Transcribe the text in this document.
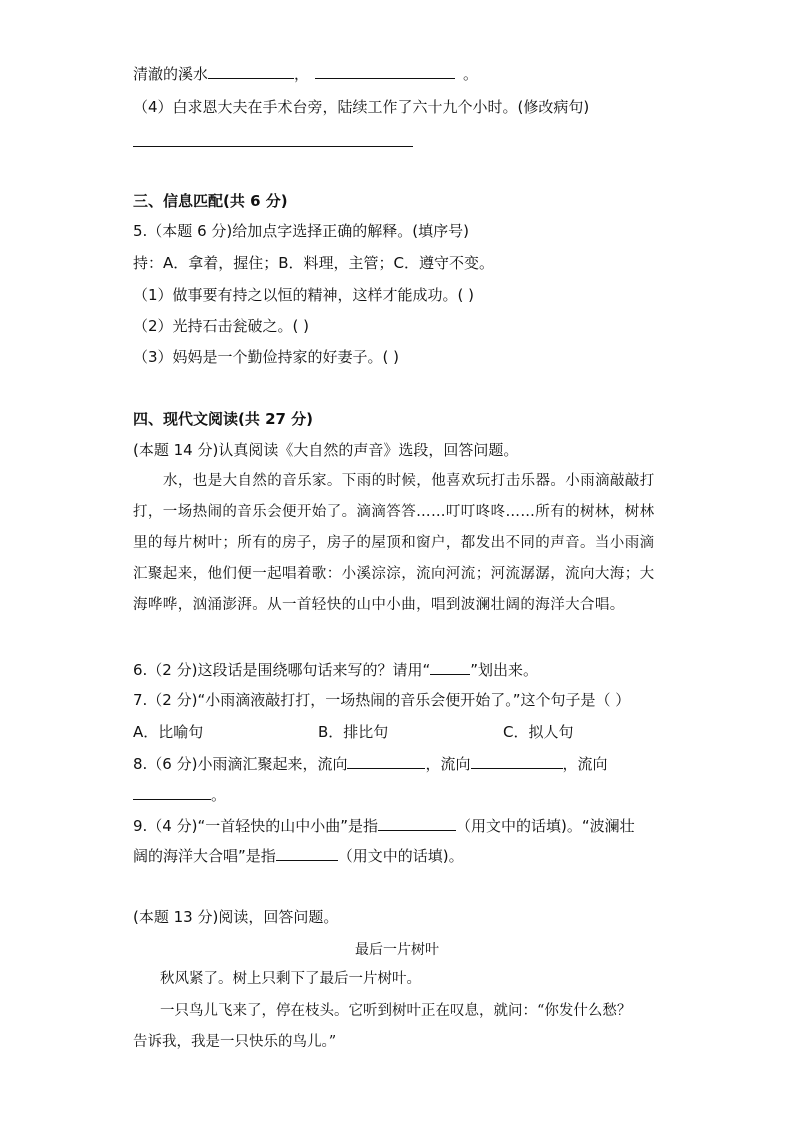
清澈的溪水	，	。
（4）白求恩大夫在手术台旁，陆续工作了六十九个小时。(修改病句)
三、信息匹配(共 6 分)
5.（本题 6 分)给加点字选择正确的解释。(填序号)
持：A．拿着，握住；B．料理，主管；C．遵守不变。
（1）做事要有持之以恒的精神，这样才能成功。( )
（2）光持石击瓮破之。( )
（3）妈妈是一个勤俭持家的好妻子。( )
四、现代文阅读(共 27 分)
(本题 14 分)认真阅读《大自然的声音》选段，回答问题。

水，也是大自然的音乐家。下雨的时候，他喜欢玩打击乐器。小雨滴敲敲打打，一场热闹的音乐会便开始了。滴滴答答……叮叮咚咚……所有的树林，树林里的每片树叶；所有的房子，房子的屋顶和窗户，都发出不同的声音。当小雨滴汇聚起来，他们便一起唱着歌：小溪淙淙，流向河流；河流潺潺，流向大海；大海哗哗，汹涌澎湃。从一首轻快的山中小曲，唱到波澜壮阔的海洋大合唱。

6.（2 分)这段话是围绕哪句话来写的？请用“	”划出来。
7.（2 分)“小雨滴液敲打打，一场热闹的音乐会便开始了。”这个句子是（ ）
A．比喻句	B．排比句	C．拟人句
8.（6 分)小雨滴汇聚起来，流向	，流向	，流向
。
9.（4 分)“一首轻快的山中小曲”是指	（用文中的话填)。“波澜壮
阔的海洋大合唱”是指	（用文中的话填)。
(本题 13 分)阅读，回答问题。
最后一片树叶
秋风紧了。树上只剩下了最后一片树叶。
一只鸟儿飞来了，停在枝头。它听到树叶正在叹息，就问：“你发什么愁？
告诉我，我是一只快乐的鸟儿。”
